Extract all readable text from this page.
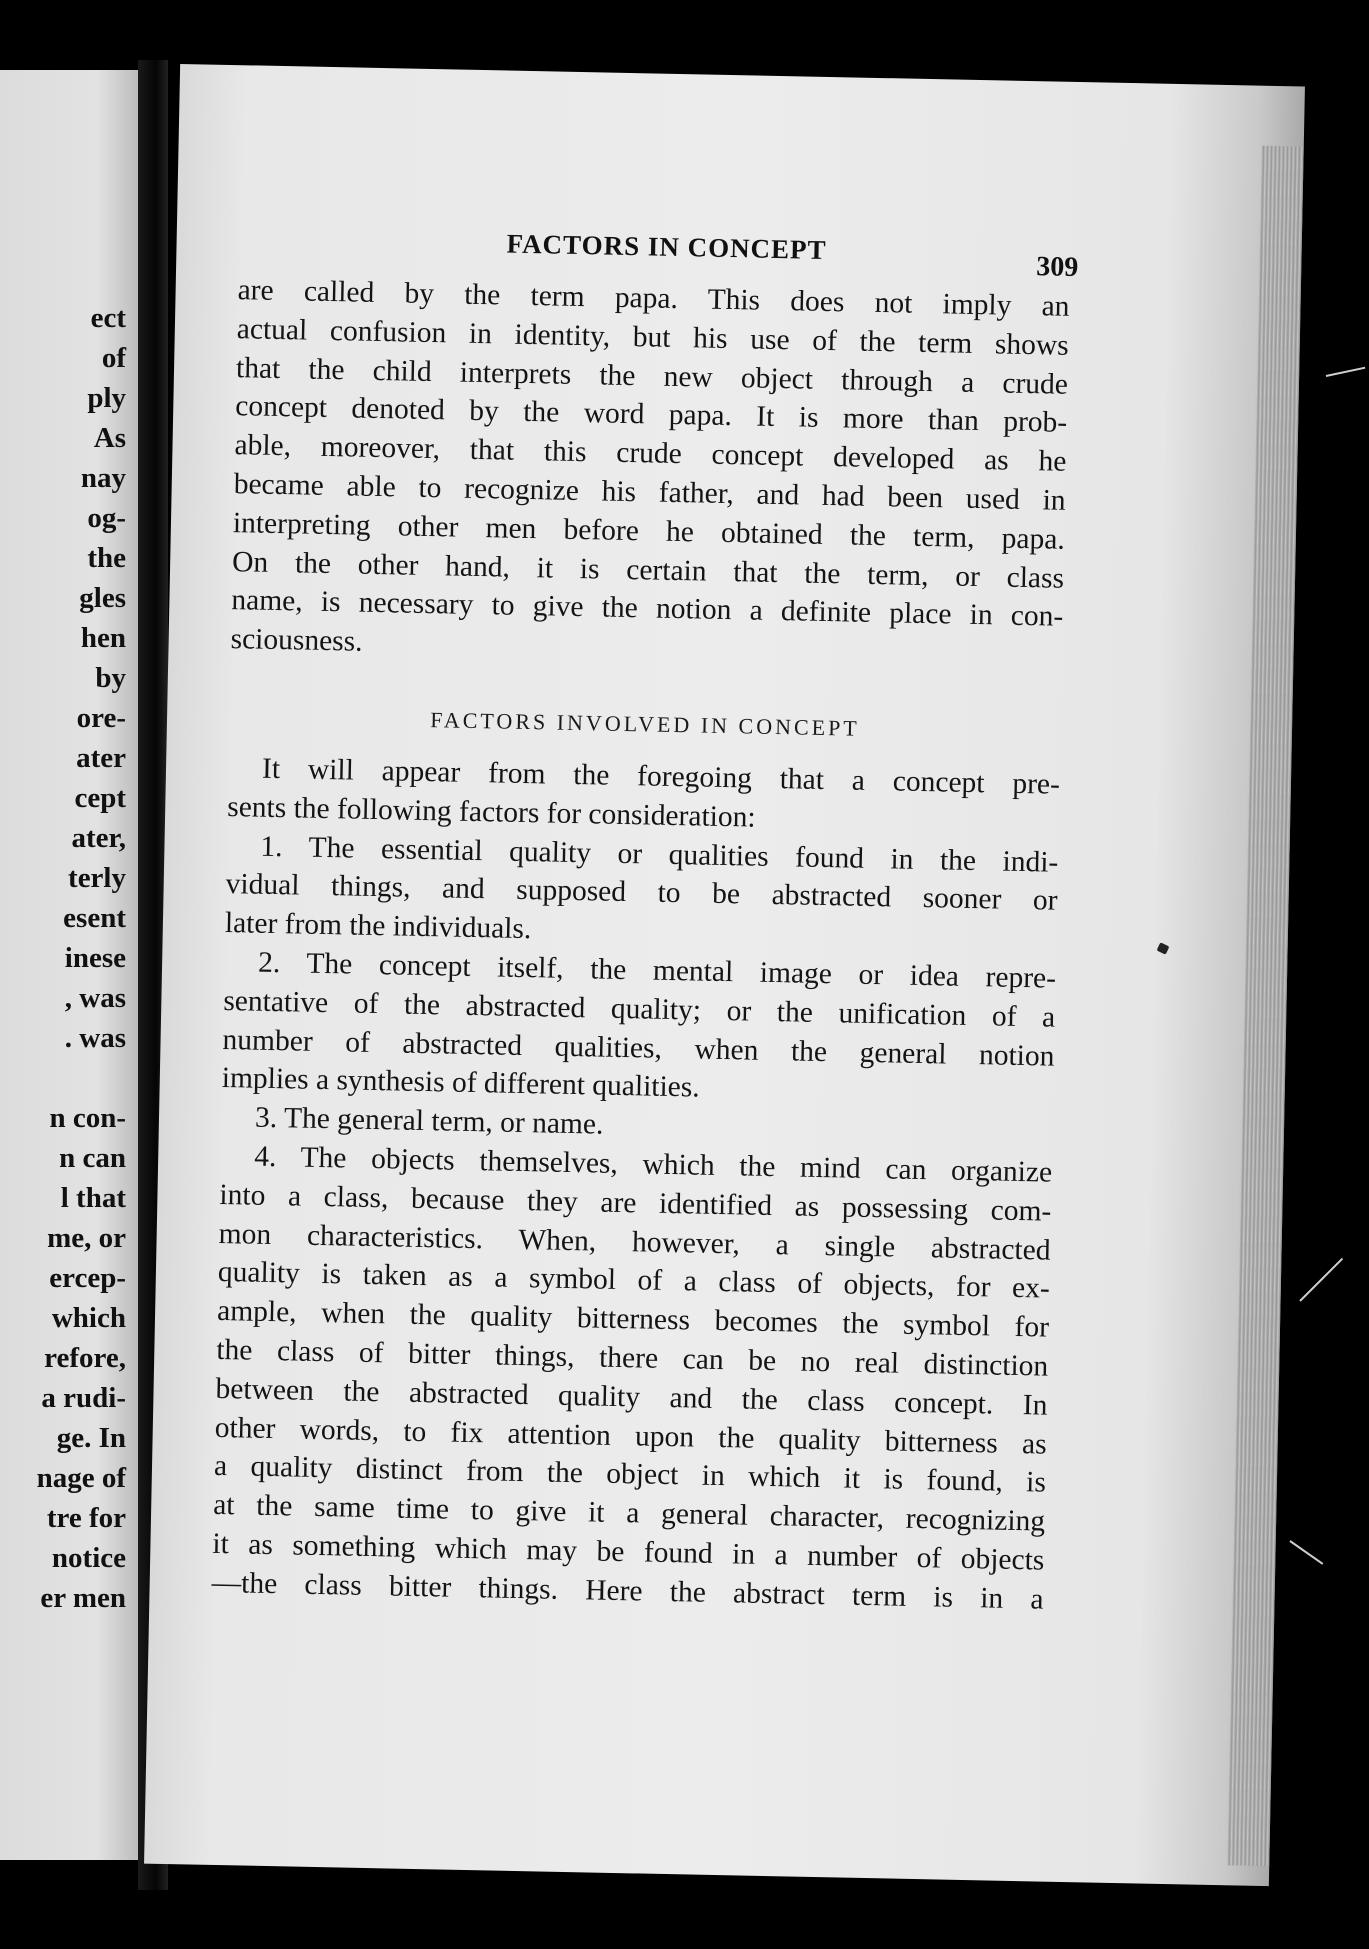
ect
of
ply
As
nay
og-
the
gles
hen
by
ore-
ater
cept
ater,
terly
esent
inese
, was
. was
n con-
n can
l that
me, or
ercep-
which
refore,
a rudi-
ge. In
nage of
tre for
notice
er men
FACTORS IN CONCEPT
309
are called by the term papa. This does not imply an
actual confusion in identity, but his use of the term shows
that the child interprets the new object through a crude
concept denoted by the word papa. It is more than prob-
able, moreover, that this crude concept developed as he
became able to recognize his father, and had been used in
interpreting other men before he obtained the term, papa.
On the other hand, it is certain that the term, or class
name, is necessary to give the notion a definite place in con-
sciousness.
FACTORS INVOLVED IN CONCEPT
It will appear from the foregoing that a concept pre-
sents the following factors for consideration:
1. The essential quality or qualities found in the indi-
vidual things, and supposed to be abstracted sooner or
later from the individuals.
2. The concept itself, the mental image or idea repre-
sentative of the abstracted quality; or the unification of a
number of abstracted qualities, when the general notion
implies a synthesis of different qualities.
3. The general term, or name.
4. The objects themselves, which the mind can organize
into a class, because they are identified as possessing com-
mon characteristics. When, however, a single abstracted
quality is taken as a symbol of a class of objects, for ex-
ample, when the quality bitterness becomes the symbol for
the class of bitter things, there can be no real distinction
between the abstracted quality and the class concept. In
other words, to fix attention upon the quality bitterness as
a quality distinct from the object in which it is found, is
at the same time to give it a general character, recognizing
it as something which may be found in a number of objects
—the class bitter things. Here the abstract term is in a
